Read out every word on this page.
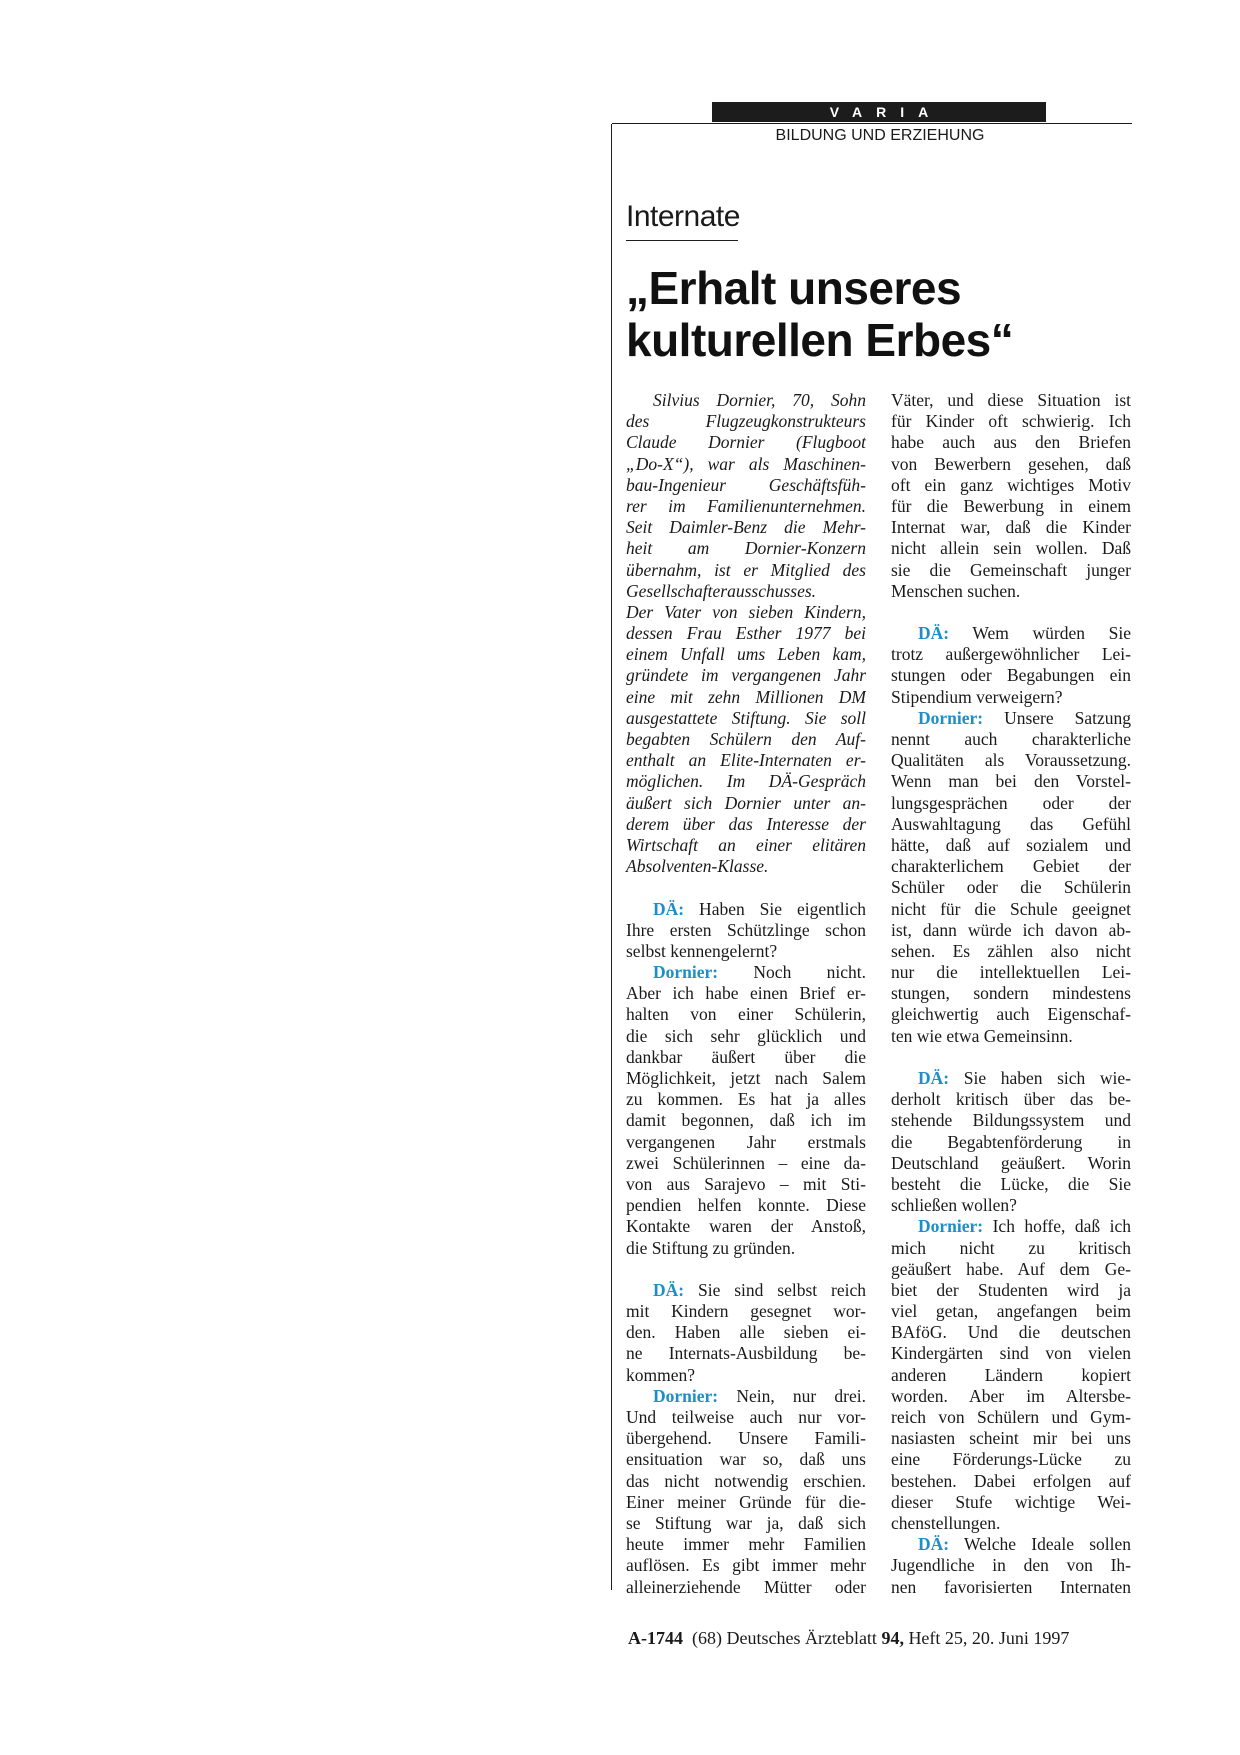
VARIA
BILDUNG UND ERZIEHUNG
Internate
„Erhalt unseres
kulturellen Erbes“
Silvius Dornier, 70, Sohn
des Flugzeugkonstrukteurs
Claude Dornier (Flugboot
„Do-X“), war als Maschinen-
bau-Ingenieur Geschäftsfüh-
rer im Familienunternehmen.
Seit Daimler-Benz die Mehr-
heit am Dornier-Konzern
übernahm, ist er Mitglied des
Gesellschafterausschusses.
Der Vater von sieben Kindern,
dessen Frau Esther 1977 bei
einem Unfall ums Leben kam,
gründete im vergangenen Jahr
eine mit zehn Millionen DM
ausgestattete Stiftung. Sie soll
begabten Schülern den Auf-
enthalt an Elite-Internaten er-
möglichen. Im DÄ-Gespräch
äußert sich Dornier unter an-
derem über das Interesse der
Wirtschaft an einer elitären
Absolventen-Klasse.
DÄ: Haben Sie eigentlich
Ihre ersten Schützlinge schon
selbst kennengelernt?
Dornier: Noch nicht.
Aber ich habe einen Brief er-
halten von einer Schülerin,
die sich sehr glücklich und
dankbar äußert über die
Möglichkeit, jetzt nach Salem
zu kommen. Es hat ja alles
damit begonnen, daß ich im
vergangenen Jahr erstmals
zwei Schülerinnen – eine da-
von aus Sarajevo – mit Sti-
pendien helfen konnte. Diese
Kontakte waren der Anstoß,
die Stiftung zu gründen.
DÄ: Sie sind selbst reich
mit Kindern gesegnet wor-
den. Haben alle sieben ei-
ne Internats-Ausbildung be-
kommen?
Dornier: Nein, nur drei.
Und teilweise auch nur vor-
übergehend. Unsere Famili-
ensituation war so, daß uns
das nicht notwendig erschien.
Einer meiner Gründe für die-
se Stiftung war ja, daß sich
heute immer mehr Familien
auflösen. Es gibt immer mehr
alleinerziehende Mütter oder
Väter, und diese Situation ist
für Kinder oft schwierig. Ich
habe auch aus den Briefen
von Bewerbern gesehen, daß
oft ein ganz wichtiges Motiv
für die Bewerbung in einem
Internat war, daß die Kinder
nicht allein sein wollen. Daß
sie die Gemeinschaft junger
Menschen suchen.
DÄ: Wem würden Sie
trotz außergewöhnlicher Lei-
stungen oder Begabungen ein
Stipendium verweigern?
Dornier: Unsere Satzung
nennt auch charakterliche
Qualitäten als Voraussetzung.
Wenn man bei den Vorstel-
lungsgesprächen oder der
Auswahltagung das Gefühl
hätte, daß auf sozialem und
charakterlichem Gebiet der
Schüler oder die Schülerin
nicht für die Schule geeignet
ist, dann würde ich davon ab-
sehen. Es zählen also nicht
nur die intellektuellen Lei-
stungen, sondern mindestens
gleichwertig auch Eigenschaf-
ten wie etwa Gemeinsinn.
DÄ: Sie haben sich wie-
derholt kritisch über das be-
stehende Bildungssystem und
die Begabtenförderung in
Deutschland geäußert. Worin
besteht die Lücke, die Sie
schließen wollen?
Dornier: Ich hoffe, daß ich
mich nicht zu kritisch
geäußert habe. Auf dem Ge-
biet der Studenten wird ja
viel getan, angefangen beim
BAföG. Und die deutschen
Kindergärten sind von vielen
anderen Ländern kopiert
worden. Aber im Altersbe-
reich von Schülern und Gym-
nasiasten scheint mir bei uns
eine Förderungs-Lücke zu
bestehen. Dabei erfolgen auf
dieser Stufe wichtige Wei-
chenstellungen.
DÄ: Welche Ideale sollen
Jugendliche in den von Ih-
nen favorisierten Internaten
A-1744 (68) Deutsches Ärzteblatt 94, Heft 25, 20. Juni 1997
